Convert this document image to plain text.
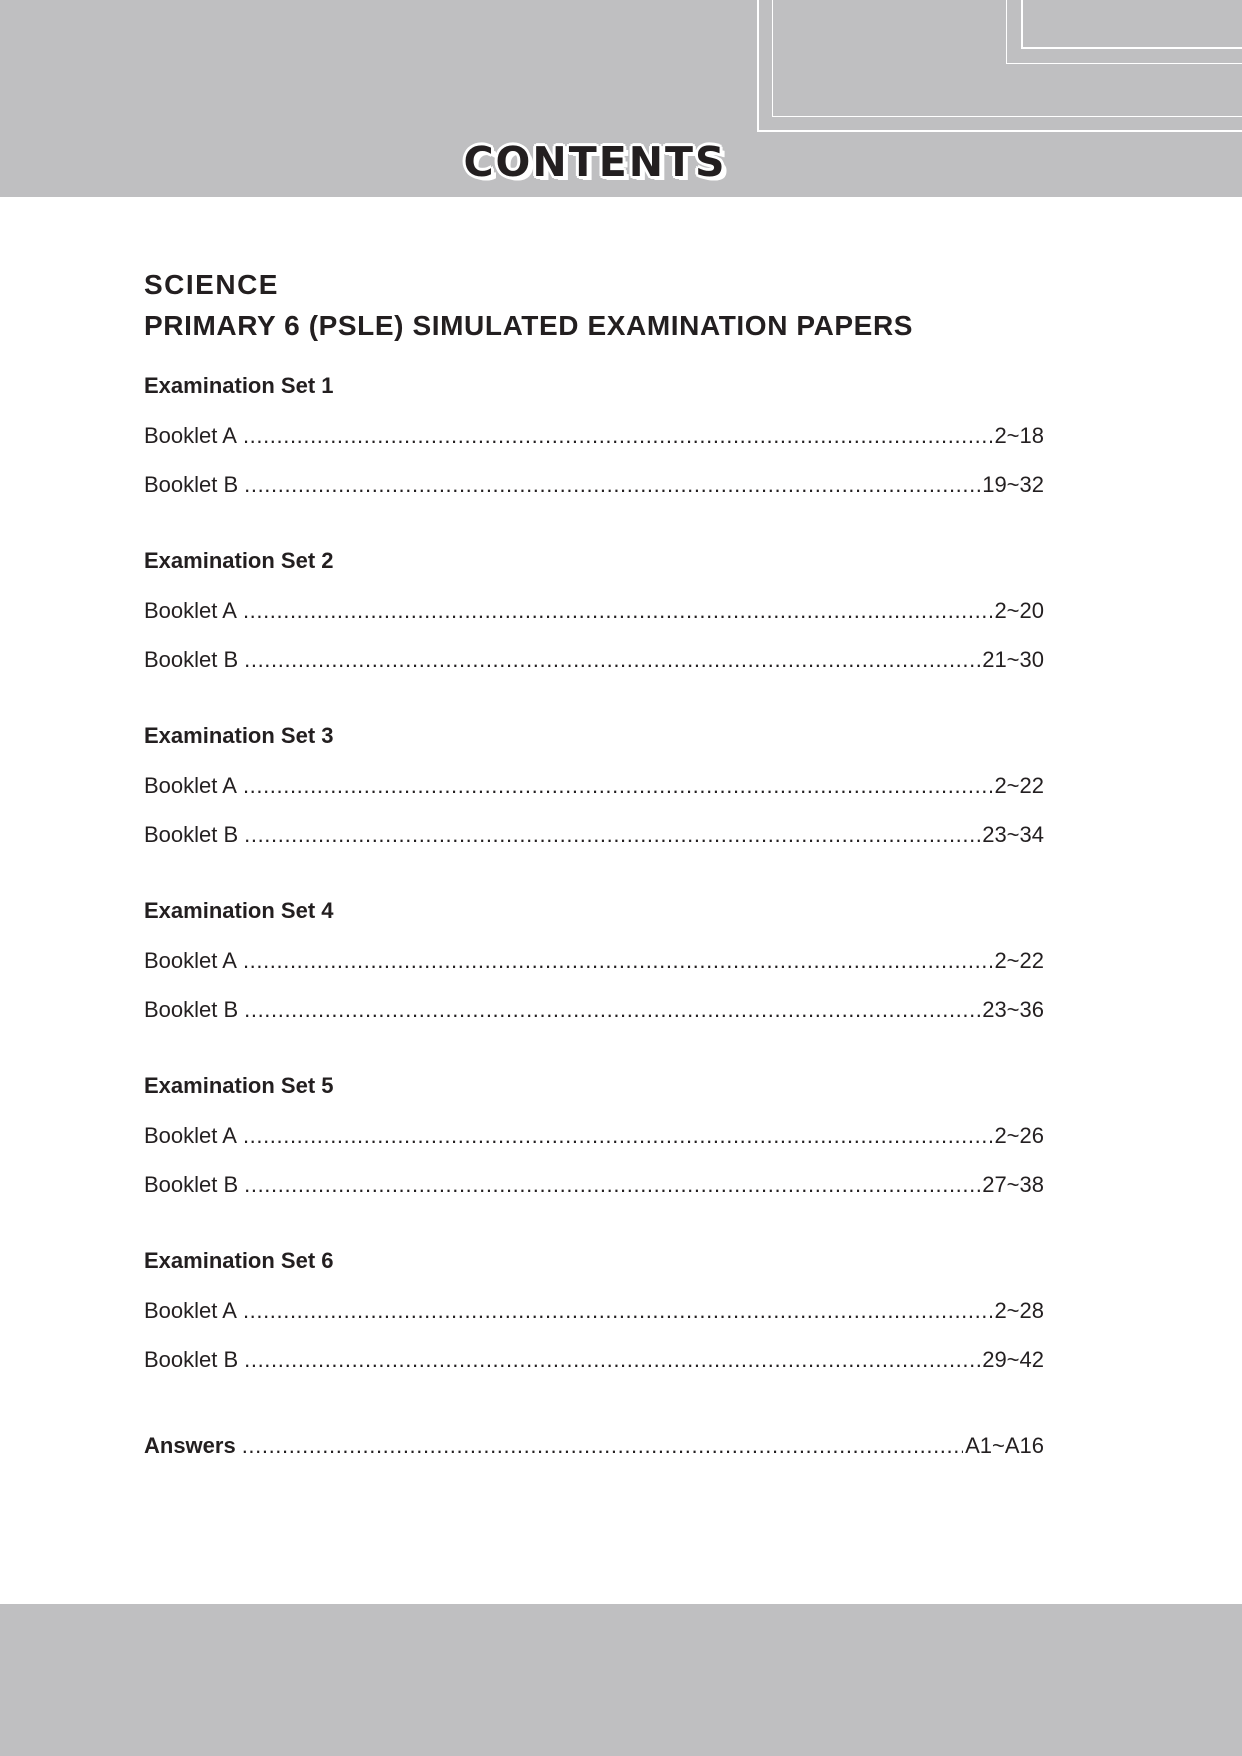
CONTENTS
SCIENCE
PRIMARY 6 (PSLE) SIMULATED EXAMINATION PAPERS
Examination Set 1
Booklet A .....	2~18
Booklet B .....	19~32
Examination Set 2
Booklet A .....	2~20
Booklet B .....	21~30
Examination Set 3
Booklet A .....	2~22
Booklet B .....	23~34
Examination Set 4
Booklet A .....	2~22
Booklet B .....	23~36
Examination Set 5
Booklet A .....	2~26
Booklet B .....	27~38
Examination Set 6
Booklet A .....	2~28
Booklet B .....	29~42
Answers .....	A1~A16
